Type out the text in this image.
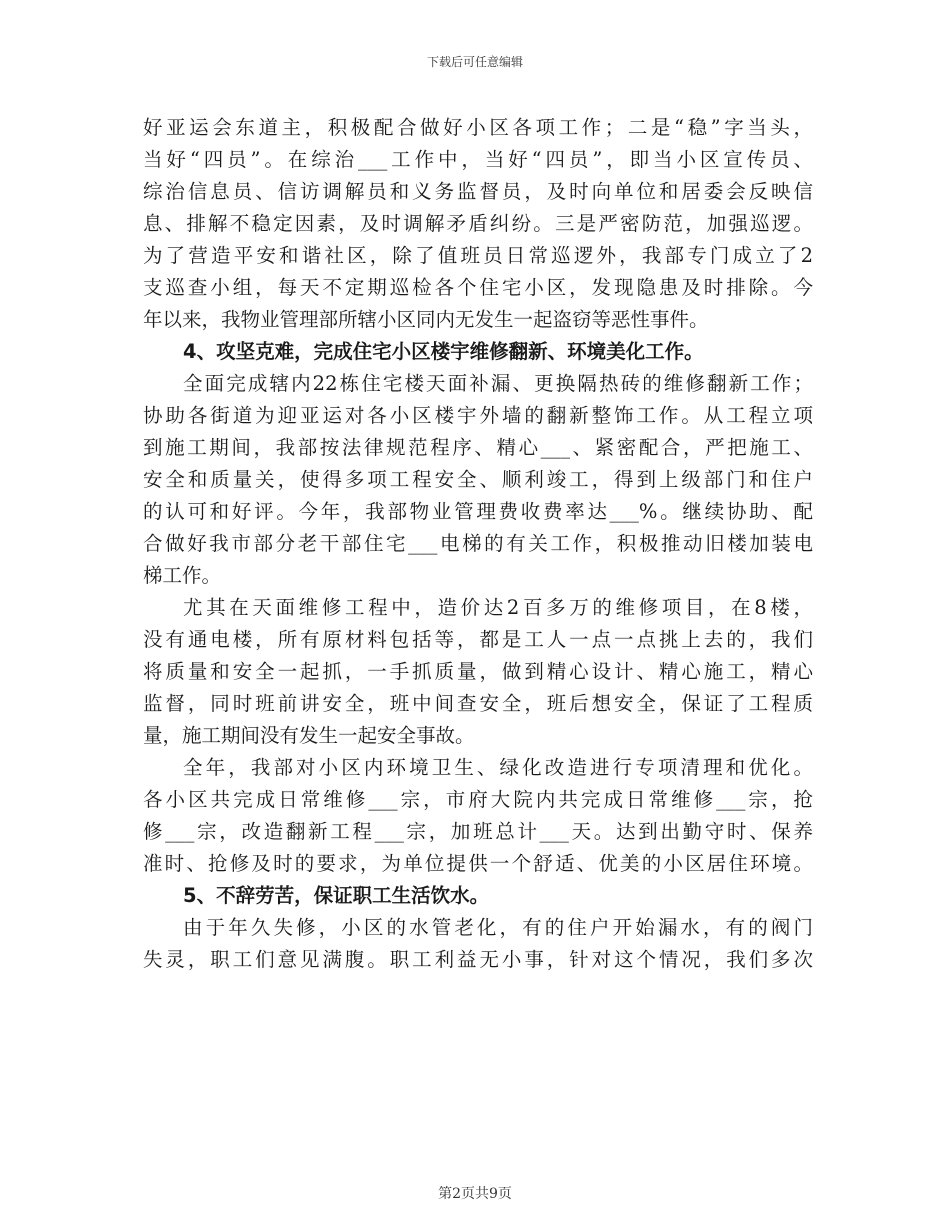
下载后可任意编辑
好亚运会东道主，积极配合做好小区各项工作；二是“稳”字当头，
当好“四员”。在综治___工作中，当好“四员”，即当小区宣传员、
综治信息员、信访调解员和义务监督员，及时向单位和居委会反映信
息、排解不稳定因素，及时调解矛盾纠纷。三是严密防范，加强巡逻。
为了营造平安和谐社区，除了值班员日常巡逻外，我部专门成立了2
支巡查小组，每天不定期巡检各个住宅小区，发现隐患及时排除。今
年以来，我物业管理部所辖小区同内无发生一起盗窃等恶性事件。
4、攻坚克难，完成住宅小区楼宇维修翻新、环境美化工作。
全面完成辖内22栋住宅楼天面补漏、更换隔热砖的维修翻新工作；
协助各街道为迎亚运对各小区楼宇外墙的翻新整饰工作。从工程立项
到施工期间，我部按法律规范程序、精心___、紧密配合，严把施工、
安全和质量关，使得多项工程安全、顺利竣工，得到上级部门和住户
的认可和好评。今年，我部物业管理费收费率达___%。继续协助、配
合做好我市部分老干部住宅___电梯的有关工作，积极推动旧楼加装电
梯工作。
尤其在天面维修工程中，造价达2百多万的维修项目，在8楼，
没有通电楼，所有原材料包括等，都是工人一点一点挑上去的，我们
将质量和安全一起抓，一手抓质量，做到精心设计、精心施工，精心
监督，同时班前讲安全，班中间查安全，班后想安全，保证了工程质
量，施工期间没有发生一起安全事故。
全年，我部对小区内环境卫生、绿化改造进行专项清理和优化。
各小区共完成日常维修___宗，市府大院内共完成日常维修___宗，抢
修___宗，改造翻新工程___宗，加班总计___天。达到出勤守时、保养
准时、抢修及时的要求，为单位提供一个舒适、优美的小区居住环境。
5、不辞劳苦，保证职工生活饮水。
由于年久失修，小区的水管老化，有的住户开始漏水，有的阀门
失灵，职工们意见满腹。职工利益无小事，针对这个情况，我们多次
第2页共9页
